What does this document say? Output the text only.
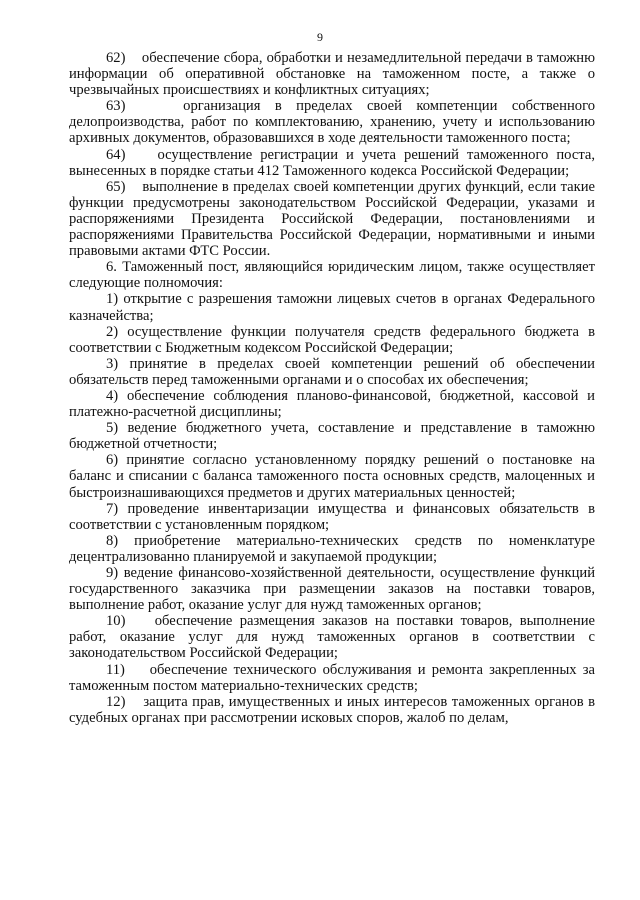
9

62)    обеспечение сбора, обработки и незамедлительной передачи в таможню информации об оперативной обстановке на таможенном посте, а также о чрезвычайных происшествиях и конфликтных ситуациях;

63)    организация в пределах своей компетенции собственного делопроизводства, работ по комплектованию, хранению, учету и использованию архивных документов, образовавшихся в ходе деятельности таможенного поста;

64)    осуществление регистрации и учета решений таможенного поста, вынесенных в порядке статьи 412 Таможенного кодекса Российской Федерации;

65)    выполнение в пределах своей компетенции других функций, если такие функции предусмотрены законодательством Российской Федерации, указами и распоряжениями Президента Российской Федерации, постановлениями и распоряжениями Правительства Российской Федерации, нормативными и иными правовыми актами ФТС России.

6. Таможенный пост, являющийся юридическим лицом, также осуществляет следующие полномочия:

1) открытие с разрешения таможни лицевых счетов в органах Федерального казначейства;

2) осуществление функции получателя средств федерального бюджета в соответствии с Бюджетным кодексом Российской Федерации;

3) принятие в пределах своей компетенции решений об обеспечении обязательств перед таможенными органами и о способах их обеспечения;

4) обеспечение соблюдения планово-финансовой, бюджетной, кассовой и платежно-расчетной дисциплины;

5) ведение бюджетного учета, составление и представление в таможню бюджетной отчетности;

6) принятие согласно установленному порядку решений о постановке на баланс и списании с баланса таможенного поста основных средств, малоценных и быстроизнашивающихся предметов и других материальных ценностей;

7) проведение инвентаризации имущества и финансовых обязательств в соответствии с установленным порядком;

8) приобретение материально-технических средств по номенклатуре децентрализованно планируемой и закупаемой продукции;

9) ведение финансово-хозяйственной деятельности, осуществление функций государственного заказчика при размещении заказов на поставки товаров, выполнение работ, оказание услуг для нужд таможенных органов;

10)    обеспечение размещения заказов на поставки товаров, выполнение работ, оказание услуг для нужд таможенных органов в соответствии с законодательством Российской Федерации;

11)    обеспечение технического обслуживания и ремонта закрепленных за таможенным постом материально-технических средств;

12)    защита прав, имущественных и иных интересов таможенных органов в судебных органах при рассмотрении исковых споров, жалоб по делам,
